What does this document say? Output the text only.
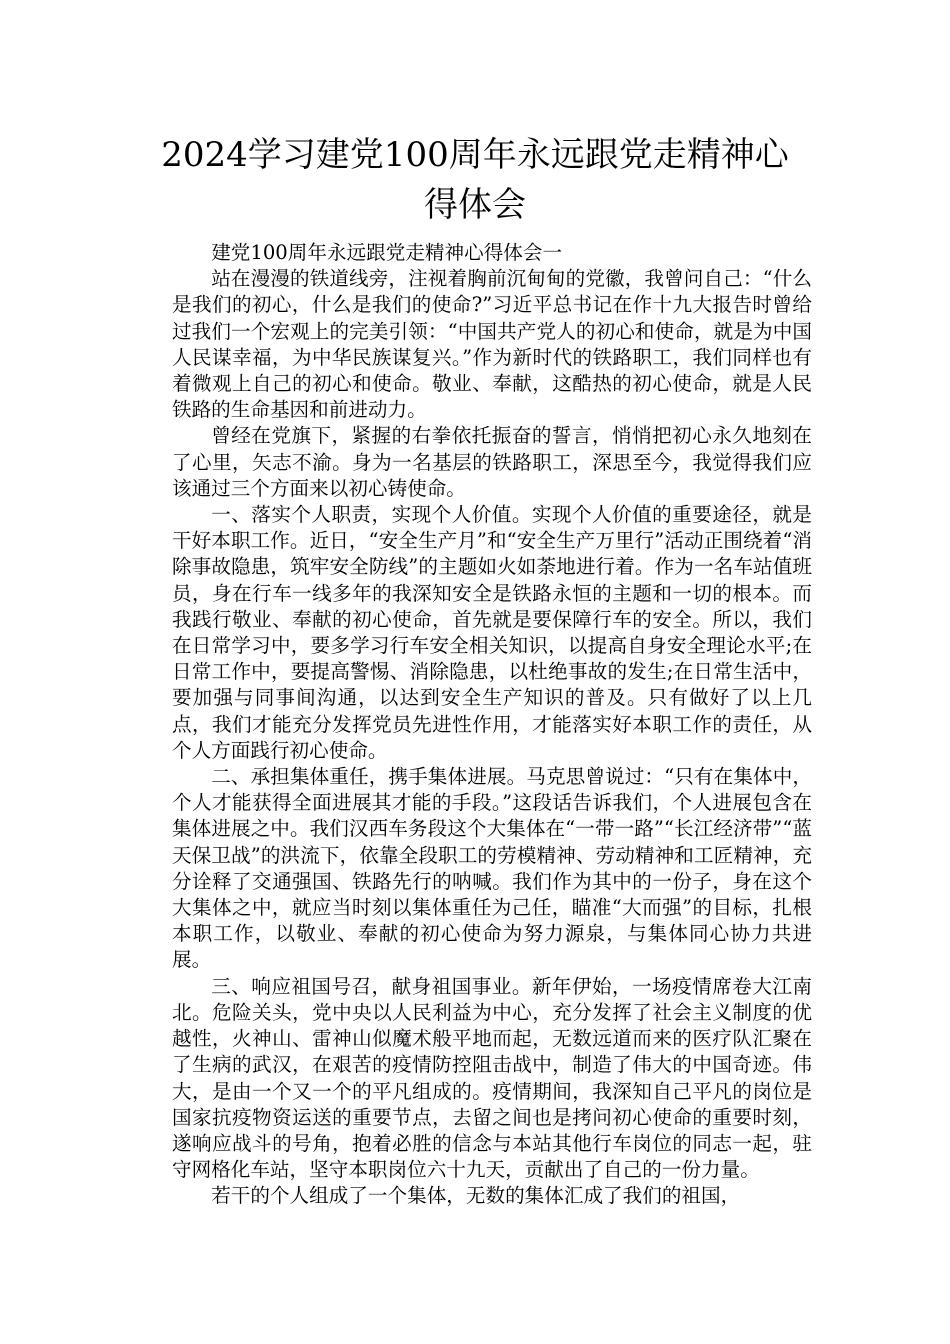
2024学习建党100周年永远跟党走精神心得体会

建党100周年永远跟党走精神心得体会一

站在漫漫的铁道线旁，注视着胸前沉甸甸的党徽，我曾问自己：“什么是我们的初心，什么是我们的使命?”习近平总书记在作十九大报告时曾给过我们一个宏观上的完美引领：“中国共产党人的初心和使命，就是为中国人民谋幸福，为中华民族谋复兴。”作为新时代的铁路职工，我们同样也有着微观上自己的初心和使命。敬业、奉献，这酷热的初心使命，就是人民铁路的生命基因和前进动力。

曾经在党旗下，紧握的右拳依托振奋的誓言，悄悄把初心永久地刻在了心里，矢志不渝。身为一名基层的铁路职工，深思至今，我觉得我们应该通过三个方面来以初心铸使命。

一、落实个人职责，实现个人价值。实现个人价值的重要途径，就是干好本职工作。近日，“安全生产月”和“安全生产万里行”活动正围绕着“消除事故隐患，筑牢安全防线”的主题如火如荼地进行着。作为一名车站值班员，身在行车一线多年的我深知安全是铁路永恒的主题和一切的根本。而我践行敬业、奉献的初心使命，首先就是要保障行车的安全。所以，我们在日常学习中，要多学习行车安全相关知识，以提高自身安全理论水平;在日常工作中，要提高警惕、消除隐患，以杜绝事故的发生;在日常生活中，要加强与同事间沟通，以达到安全生产知识的普及。只有做好了以上几点，我们才能充分发挥党员先进性作用，才能落实好本职工作的责任，从个人方面践行初心使命。

二、承担集体重任，携手集体进展。马克思曾说过：“只有在集体中，个人才能获得全面进展其才能的手段。”这段话告诉我们，个人进展包含在集体进展之中。我们汉西车务段这个大集体在“一带一路”“长江经济带”“蓝天保卫战”的洪流下，依靠全段职工的劳模精神、劳动精神和工匠精神，充分诠释了交通强国、铁路先行的呐喊。我们作为其中的一份子，身在这个大集体之中，就应当时刻以集体重任为己任，瞄准“大而强”的目标，扎根本职工作，以敬业、奉献的初心使命为努力源泉，与集体同心协力共进展。

三、响应祖国号召，献身祖国事业。新年伊始，一场疫情席卷大江南北。危险关头，党中央以人民利益为中心，充分发挥了社会主义制度的优越性，火神山、雷神山似魔术般平地而起，无数远道而来的医疗队汇聚在了生病的武汉，在艰苦的疫情防控阻击战中，制造了伟大的中国奇迹。伟大，是由一个又一个的平凡组成的。疫情期间，我深知自己平凡的岗位是国家抗疫物资运送的重要节点，去留之间也是拷问初心使命的重要时刻，遂响应战斗的号角，抱着必胜的信念与本站其他行车岗位的同志一起，驻守网格化车站，坚守本职岗位六十九天，贡献出了自己的一份力量。

若干的个人组成了一个集体，无数的集体汇成了我们的祖国，
